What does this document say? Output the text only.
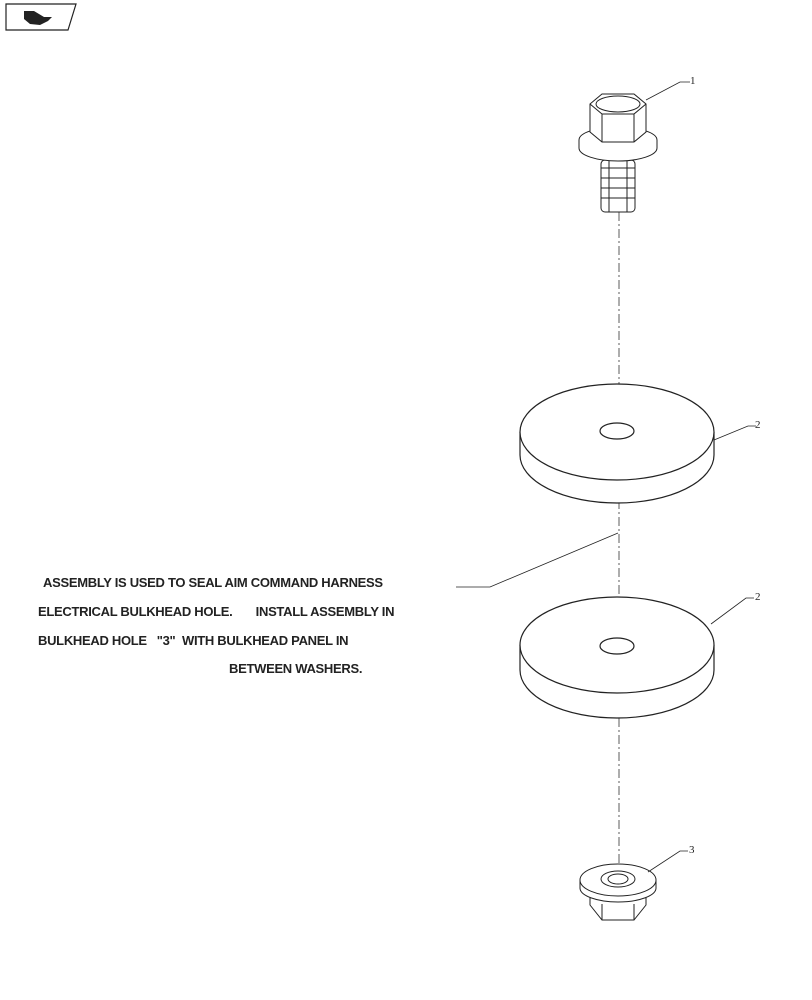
1
2
2
3
ASSEMBLY IS USED TO SEAL AIM COMMAND HARNESS
ELECTRICAL BULKHEAD HOLE.       INSTALL ASSEMBLY IN
BULKHEAD HOLE   "3"  WITH BULKHEAD PANEL IN
BETWEEN WASHERS.
